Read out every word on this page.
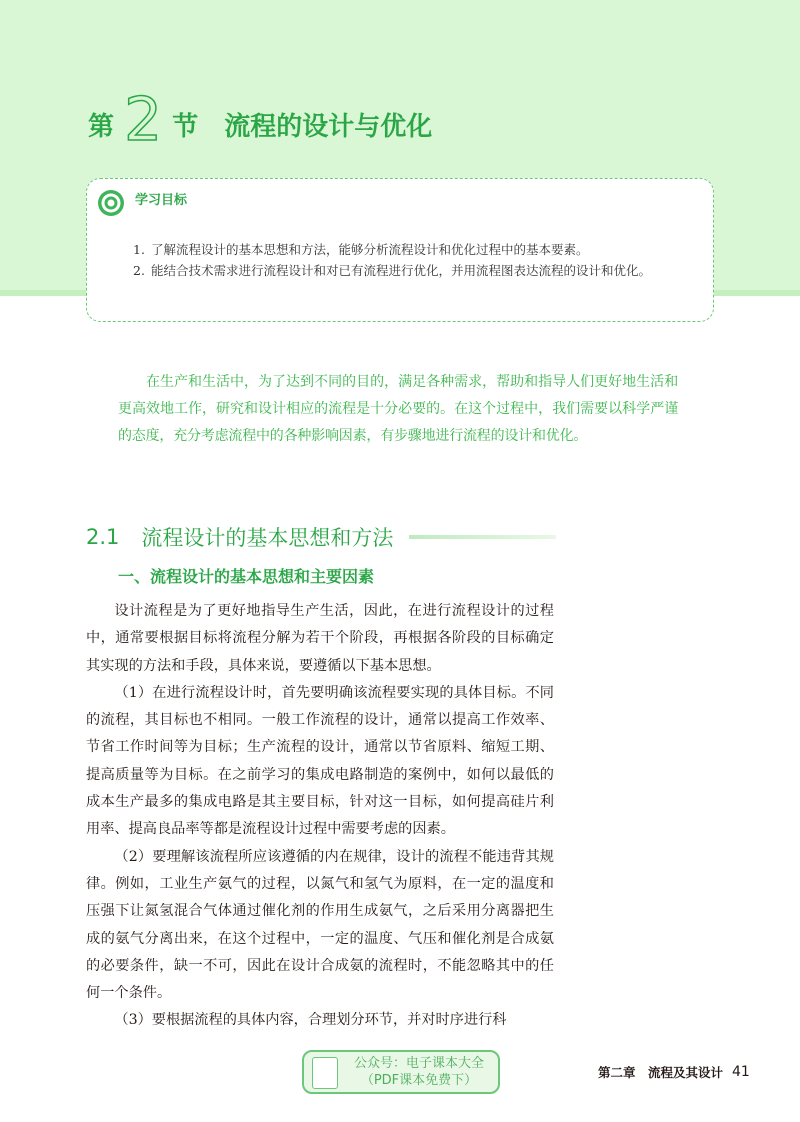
第 2 节 流程的设计与优化
学习目标
1. 了解流程设计的基本思想和方法，能够分析流程设计和优化过程中的基本要素。
2. 能结合技术需求进行流程设计和对已有流程进行优化，并用流程图表达流程的设计和优化。
在生产和生活中，为了达到不同的目的，满足各种需求，帮助和指导人们更好地生活和更高效地工作，研究和设计相应的流程是十分必要的。在这个过程中，我们需要以科学严谨的态度，充分考虑流程中的各种影响因素，有步骤地进行流程的设计和优化。
2.1 流程设计的基本思想和方法
一、流程设计的基本思想和主要因素

设计流程是为了更好地指导生产生活，因此，在进行流程设计的过程中，通常要根据目标将流程分解为若干个阶段，再根据各阶段的目标确定其实现的方法和手段，具体来说，要遵循以下基本思想。

（1）在进行流程设计时，首先要明确该流程要实现的具体目标。不同的流程，其目标也不相同。一般工作流程的设计，通常以提高工作效率、节省工作时间等为目标；生产流程的设计，通常以节省原料、缩短工期、提高质量等为目标。在之前学习的集成电路制造的案例中，如何以最低的成本生产最多的集成电路是其主要目标，针对这一目标，如何提高硅片利用率、提高良品率等都是流程设计过程中需要考虑的因素。

（2）要理解该流程所应该遵循的内在规律，设计的流程不能违背其规律。例如，工业生产氨气的过程，以氮气和氢气为原料，在一定的温度和压强下让氮氢混合气体通过催化剂的作用生成氨气，之后采用分离器把生成的氨气分离出来，在这个过程中，一定的温度、气压和催化剂是合成氨的必要条件，缺一不可，因此在设计合成氨的流程时，不能忽略其中的任何一个条件。

（3）要根据流程的具体内容，合理划分环节，并对时序进行科

公众号：电子课本大全
（PDF课本免费下）
第二章　流程及其设计 41
